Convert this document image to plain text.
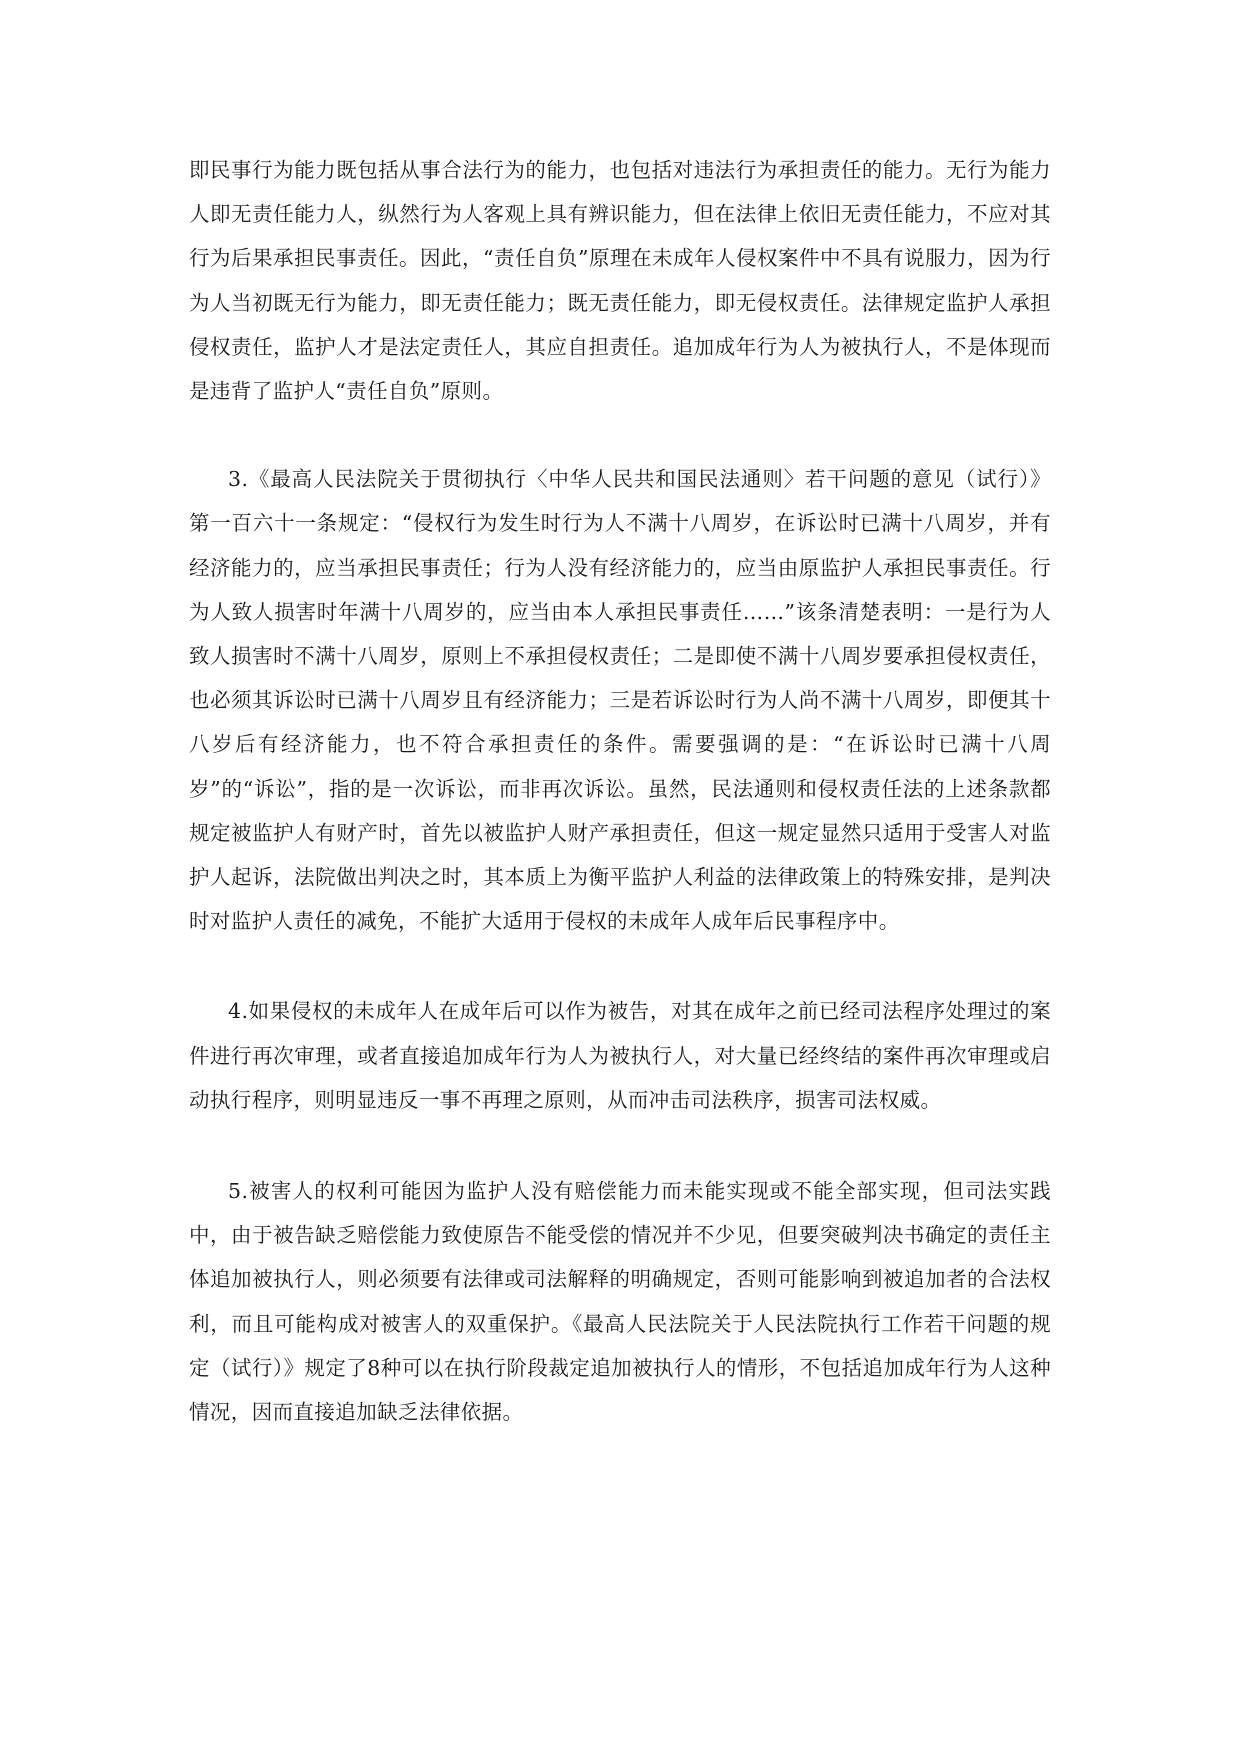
即民事行为能力既包括从事合法行为的能力，也包括对违法行为承担责任的能力。无行为能力人即无责任能力人，纵然行为人客观上具有辨识能力，但在法律上依旧无责任能力，不应对其行为后果承担民事责任。因此，“责任自负”原理在未成年人侵权案件中不具有说服力，因为行为人当初既无行为能力，即无责任能力；既无责任能力，即无侵权责任。法律规定监护人承担侵权责任，监护人才是法定责任人，其应自担责任。追加成年行为人为被执行人，不是体现而是违背了监护人“责任自负”原则。

3.《最高人民法院关于贯彻执行〈中华人民共和国民法通则〉若干问题的意见（试行）》第一百六十一条规定：“侵权行为发生时行为人不满十八周岁，在诉讼时已满十八周岁，并有经济能力的，应当承担民事责任；行为人没有经济能力的，应当由原监护人承担民事责任。行为人致人损害时年满十八周岁的，应当由本人承担民事责任……”该条清楚表明：一是行为人致人损害时不满十八周岁，原则上不承担侵权责任；二是即使不满十八周岁要承担侵权责任，也必须其诉讼时已满十八周岁且有经济能力；三是若诉讼时行为人尚不满十八周岁，即便其十八岁后有经济能力，也不符合承担责任的条件。需要强调的是：“在诉讼时已满十八周岁”的“诉讼”，指的是一次诉讼，而非再次诉讼。虽然，民法通则和侵权责任法的上述条款都规定被监护人有财产时，首先以被监护人财产承担责任，但这一规定显然只适用于受害人对监护人起诉，法院做出判决之时，其本质上为衡平监护人利益的法律政策上的特殊安排，是判决时对监护人责任的减免，不能扩大适用于侵权的未成年人成年后民事程序中。

4.如果侵权的未成年人在成年后可以作为被告，对其在成年之前已经司法程序处理过的案件进行再次审理，或者直接追加成年行为人为被执行人，对大量已经终结的案件再次审理或启动执行程序，则明显违反一事不再理之原则，从而冲击司法秩序，损害司法权威。

5.被害人的权利可能因为监护人没有赔偿能力而未能实现或不能全部实现，但司法实践中，由于被告缺乏赔偿能力致使原告不能受偿的情况并不少见，但要突破判决书确定的责任主体追加被执行人，则必须要有法律或司法解释的明确规定，否则可能影响到被追加者的合法权利，而且可能构成对被害人的双重保护。《最高人民法院关于人民法院执行工作若干问题的规定（试行）》规定了8种可以在执行阶段裁定追加被执行人的情形，不包括追加成年行为人这种情况，因而直接追加缺乏法律依据。
